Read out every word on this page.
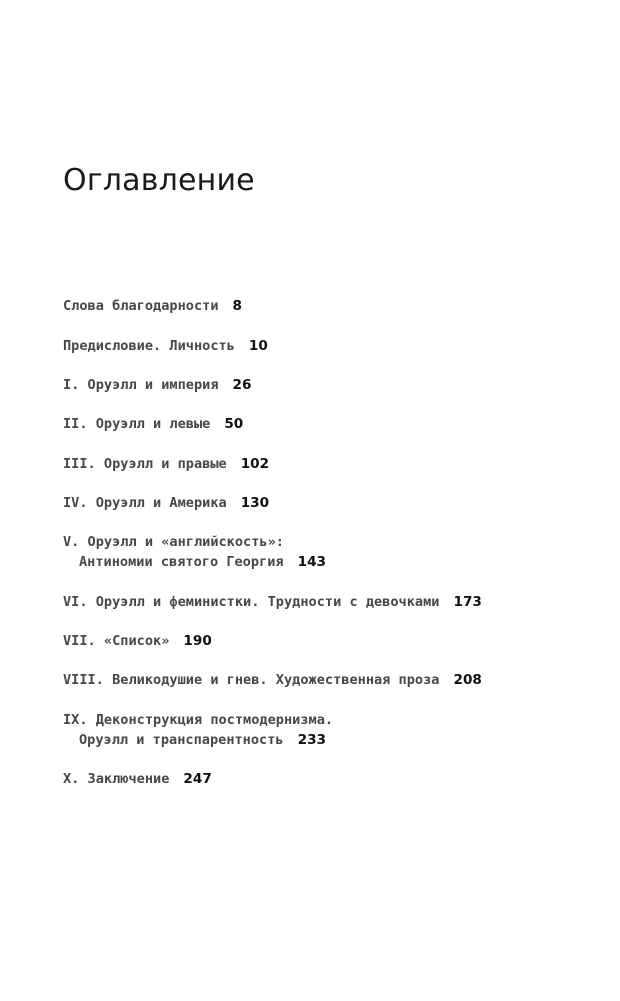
Оглавление
Слова благодарности 8
Предисловие. Личность 10
I. Оруэлл и империя 26
II. Оруэлл и левые 50
III. Оруэлл и правые 102
IV. Оруэлл и Америка 130
V. Оруэлл и «английскость»:
Антиномии святого Георгия 143
VI. Оруэлл и феминистки. Трудности с девочками 173
VII. «Список» 190
VIII. Великодушие и гнев. Художественная проза 208
IX. Деконструкция постмодернизма.
Оруэлл и транспарентность 233
X. Заключение 247
